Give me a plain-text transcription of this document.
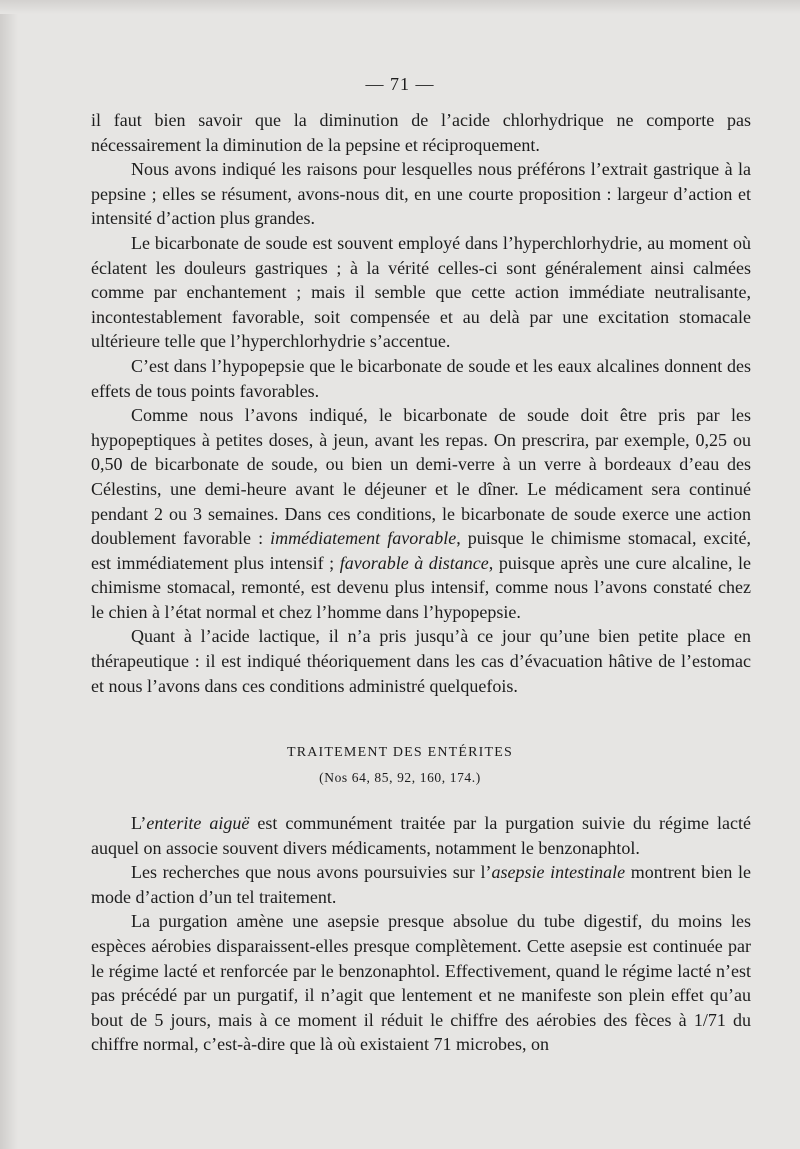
— 71 —

il faut bien savoir que la diminution de l’acide chlorhydrique ne comporte pas nécessairement la diminution de la pepsine et réciproquement.

Nous avons indiqué les raisons pour lesquelles nous préférons l’extrait gastrique à la pepsine ; elles se résument, avons-nous dit, en une courte proposition : largeur d’action et intensité d’action plus grandes.

Le bicarbonate de soude est souvent employé dans l’hyperchlorhydrie, au moment où éclatent les douleurs gastriques ; à la vérité celles-ci sont généralement ainsi calmées comme par enchantement ; mais il semble que cette action immédiate neutralisante, incontestablement favorable, soit compensée et au delà par une excitation stomacale ultérieure telle que l’hyperchlorhydrie s’accentue.

C’est dans l’hypopepsie que le bicarbonate de soude et les eaux alcalines donnent des effets de tous points favorables.

Comme nous l’avons indiqué, le bicarbonate de soude doit être pris par les hypopeptiques à petites doses, à jeun, avant les repas. On prescrira, par exemple, 0,25 ou 0,50 de bicarbonate de soude, ou bien un demi-verre à un verre à bordeaux d’eau des Célestins, une demi-heure avant le déjeuner et le dîner. Le médicament sera continué pendant 2 ou 3 semaines. Dans ces conditions, le bicarbonate de soude exerce une action doublement favorable : immédiatement favorable, puisque le chimisme stomacal, excité, est immédiatement plus intensif ; favorable à distance, puisque après une cure alcaline, le chimisme stomacal, remonté, est devenu plus intensif, comme nous l’avons constaté chez le chien à l’état normal et chez l’homme dans l’hypopepsie.

Quant à l’acide lactique, il n’a pris jusqu’à ce jour qu’une bien petite place en thérapeutique : il est indiqué théoriquement dans les cas d’évacuation hâtive de l’estomac et nous l’avons dans ces conditions administré quelquefois.

TRAITEMENT DES ENTÉRITES
(Nos 64, 85, 92, 160, 174.)

L’enterite aiguë est communément traitée par la purgation suivie du régime lacté auquel on associe souvent divers médicaments, notamment le benzonaphtol.

Les recherches que nous avons poursuivies sur l’asepsie intestinale montrent bien le mode d’action d’un tel traitement.

La purgation amène une asepsie presque absolue du tube digestif, du moins les espèces aérobies disparaissent-elles presque complètement. Cette asepsie est continuée par le régime lacté et renforcée par le benzonaphtol. Effectivement, quand le régime lacté n’est pas précédé par un purgatif, il n’agit que lentement et ne manifeste son plein effet qu’au bout de 5 jours, mais à ce moment il réduit le chiffre des aérobies des fèces à 1/71 du chiffre normal, c’est-à-dire que là où existaient 71 microbes, on
